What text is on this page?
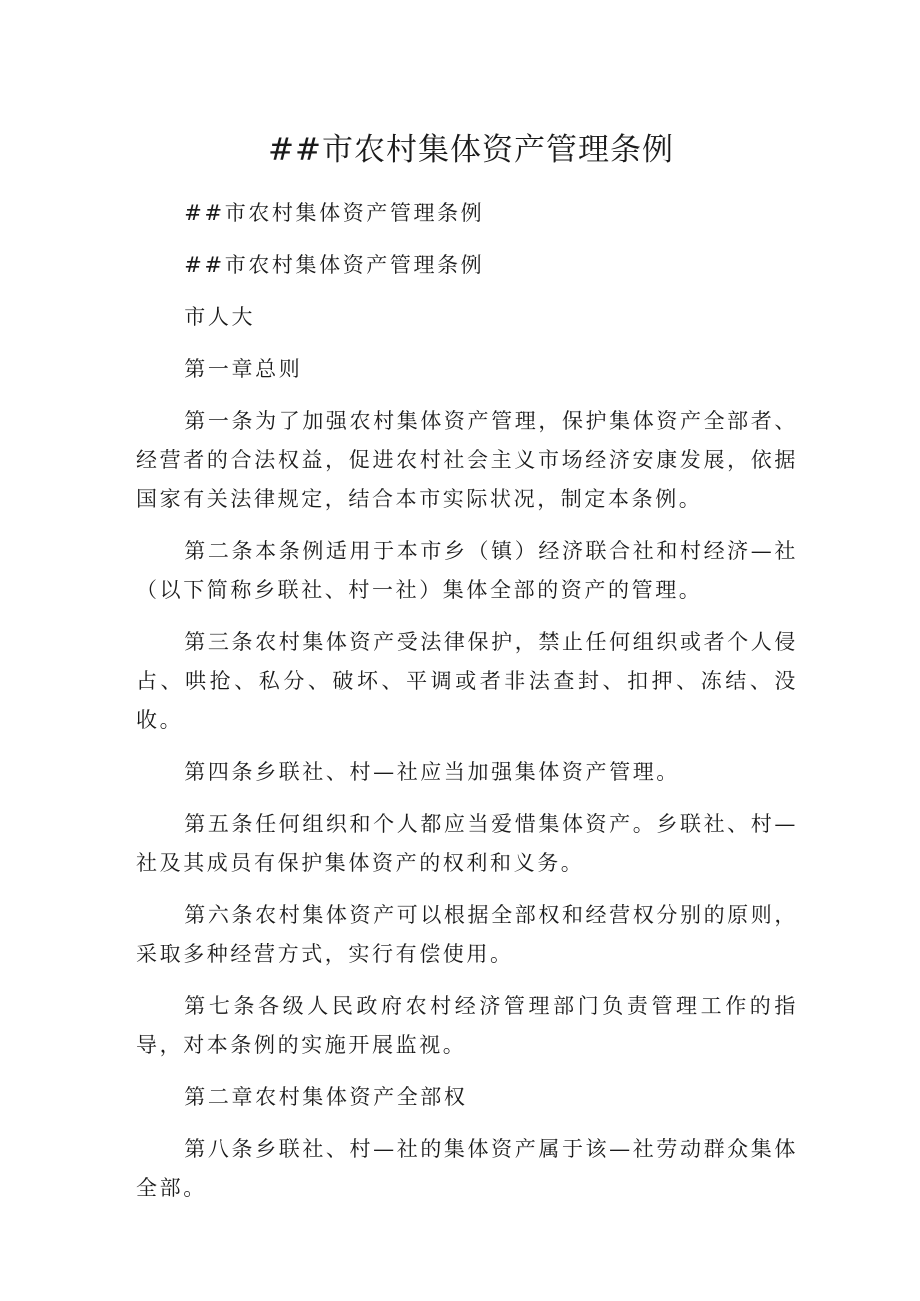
##市农村集体资产管理条例

##市农村集体资产管理条例

##市农村集体资产管理条例

市人大

第一章总则

第一条为了加强农村集体资产管理，保护集体资产全部者、经营者的合法权益，促进农村社会主义市场经济安康发展，依据国家有关法律规定，结合本市实际状况，制定本条例。

第二条本条例适用于本市乡（镇）经济联合社和村经济—社（以下简称乡联社、村一社）集体全部的资产的管理。

第三条农村集体资产受法律保护，禁止任何组织或者个人侵占、哄抢、私分、破坏、平调或者非法查封、扣押、冻结、没收。

第四条乡联社、村—社应当加强集体资产管理。

第五条任何组织和个人都应当爱惜集体资产。乡联社、村—社及其成员有保护集体资产的权利和义务。

第六条农村集体资产可以根据全部权和经营权分别的原则，采取多种经营方式，实行有偿使用。

第七条各级人民政府农村经济管理部门负责管理工作的指导，对本条例的实施开展监视。

第二章农村集体资产全部权

第八条乡联社、村—社的集体资产属于该—社劳动群众集体全部。
